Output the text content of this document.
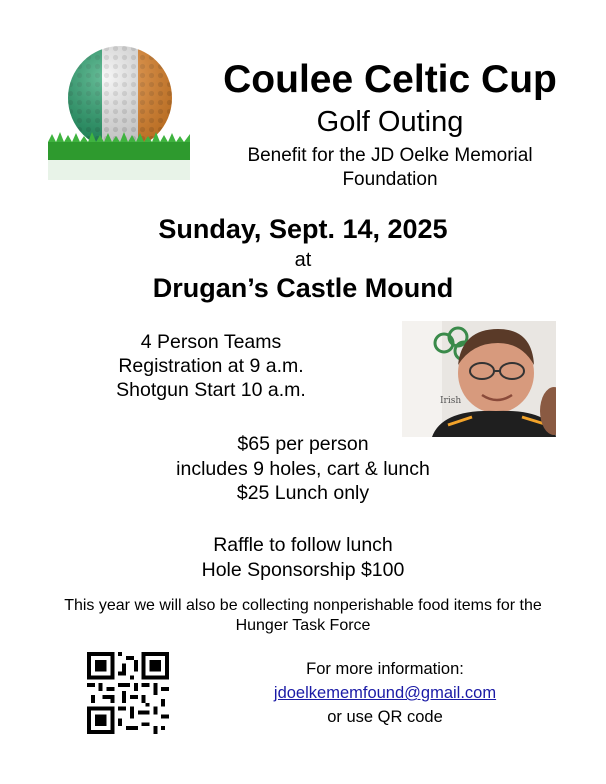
Coulee Celtic Cup
Golf Outing
Benefit for the JD Oelke Memorial
Foundation
Sunday, Sept. 14, 2025
at
Drugan’s Castle Mound
4 Person Teams
Registration at 9 a.m.
Shotgun Start 10 a.m.	Irish
$65 per person
includes 9 holes, cart & lunch
$25 Lunch only
Raffle to follow lunch
Hole Sponsorship $100
This year we will also be collecting nonperishable food items for the
Hunger Task Force
For more information:
jdoelkememfound@gmail.com
or use QR code
